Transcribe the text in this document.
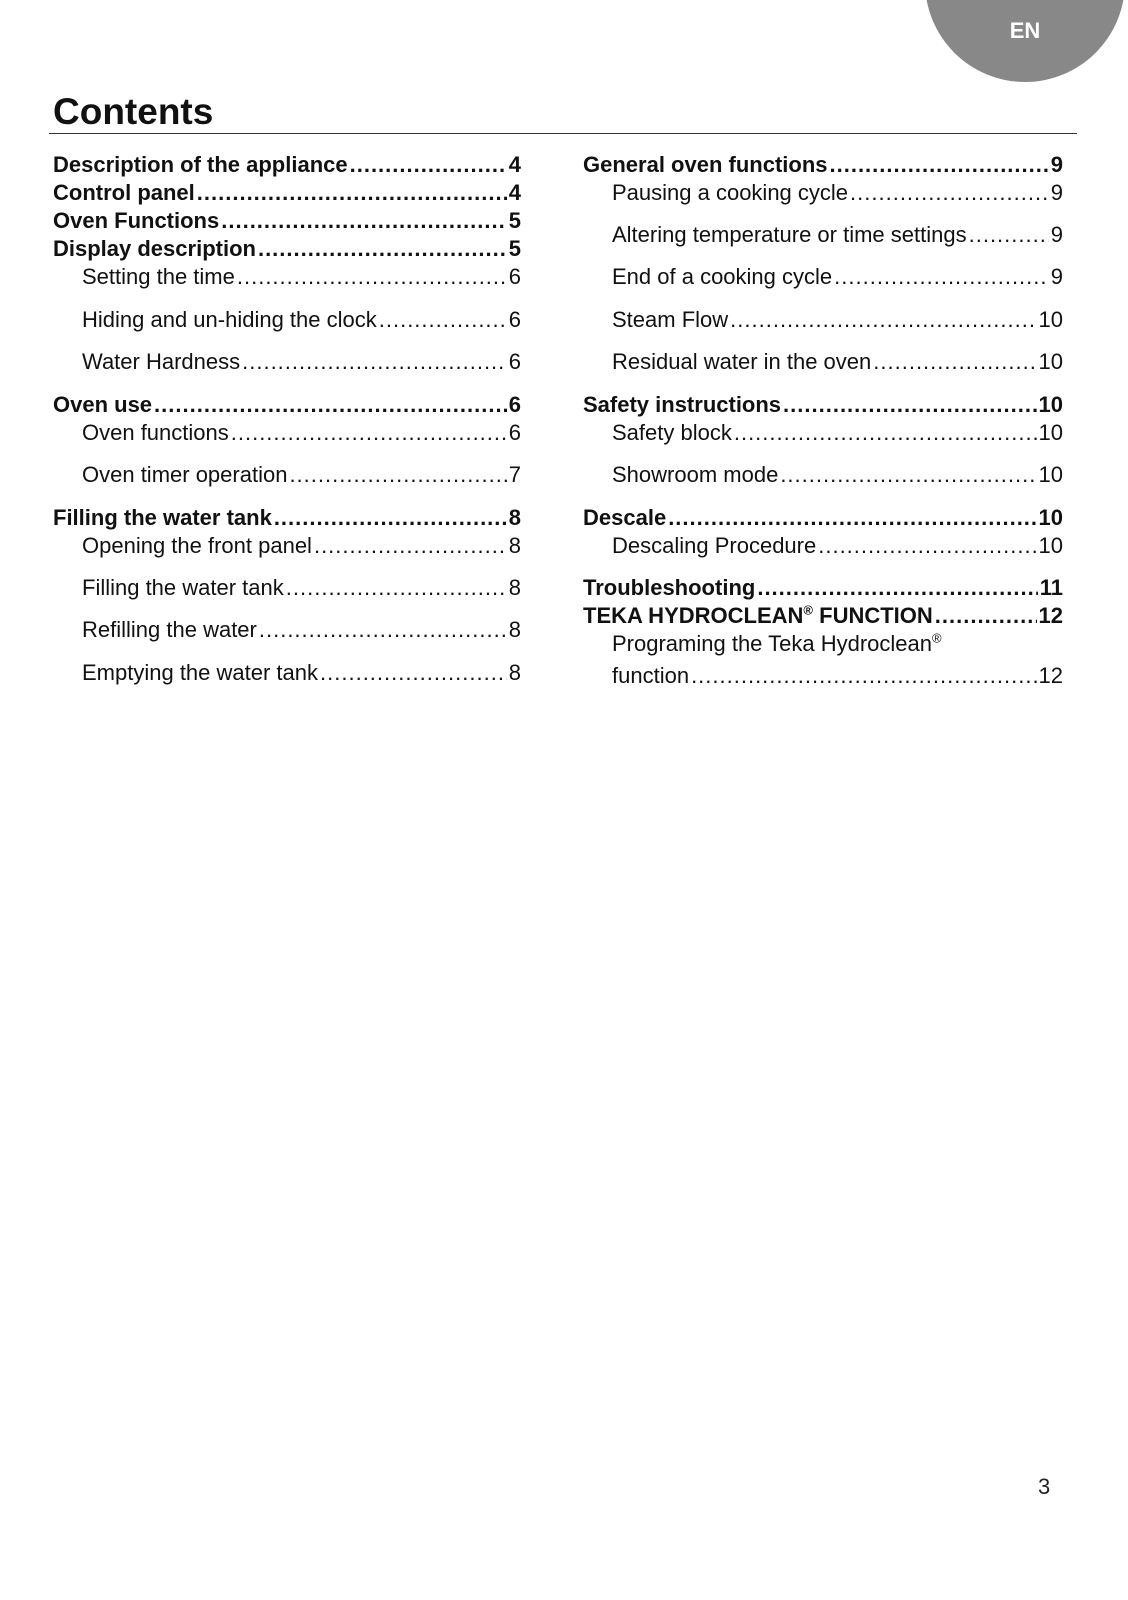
EN
Contents
Description of the appliance .....	4
Control panel .....	4
Oven Functions .....	5
Display description .....	5
Setting the time .....	6
Hiding and un-hiding the clock .....	6
Water Hardness .....	6
Oven use .....	6
Oven functions .....	6
Oven timer operation .....	7
Filling the water tank .....	8
Opening the front panel .....	8
Filling the water tank .....	8
Refilling the water .....	8
Emptying the water tank .....	8
General oven functions .....	9
Pausing a cooking cycle .....	9
Altering temperature or time settings .....	9
End of a cooking cycle .....	9
Steam Flow .....	10
Residual water in the oven .....	10
Safety instructions .....	10
Safety block .....	10
Showroom mode .....	10
Descale .....	10
Descaling Procedure .....	10
Troubleshooting .....	11
TEKA HYDROCLEAN® FUNCTION .....	12
Programing the Teka Hydroclean®
function .....	12
3
